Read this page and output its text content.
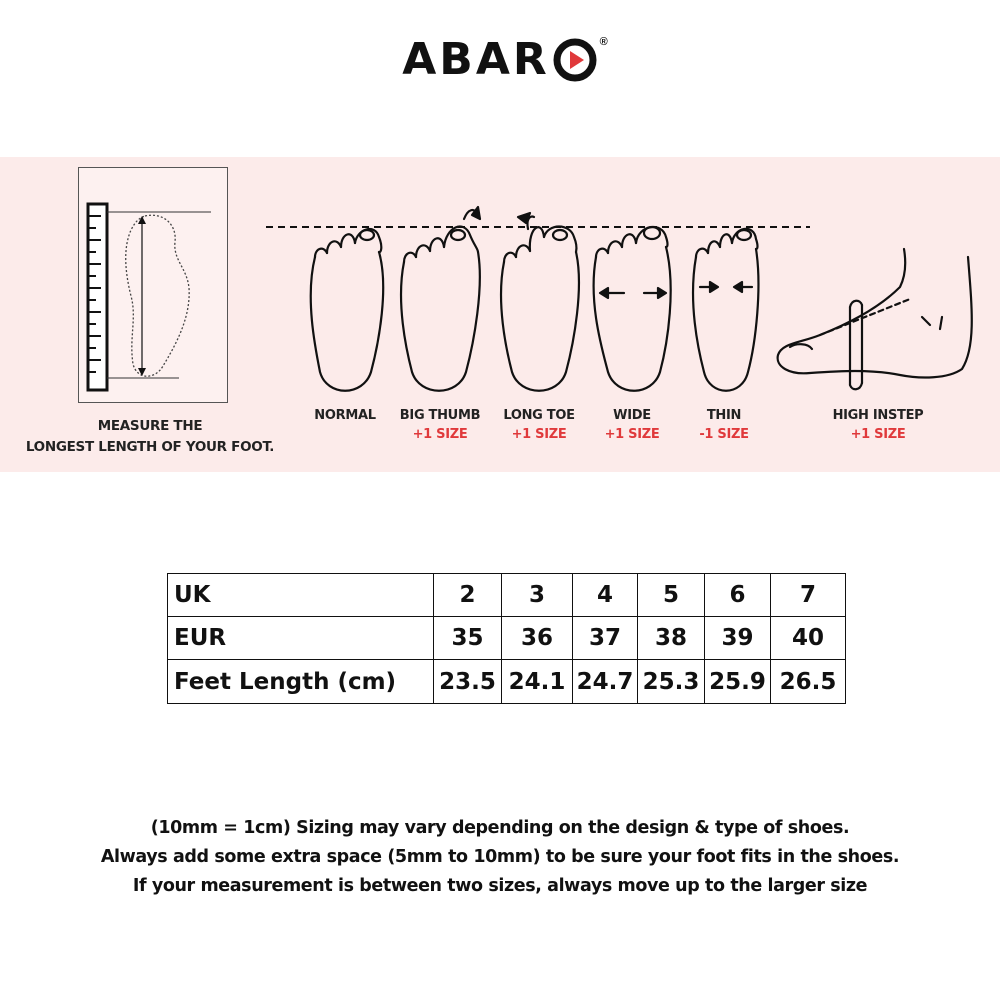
ABAR	®
MEASURE THE
LONGEST LENGTH OF YOUR FOOT.
NORMAL	BIG THUMB
+1 SIZE
LONG TOE
+1 SIZE
WIDE
+1 SIZE
THIN
-1 SIZE
HIGH INSTEP
+1 SIZE
UK	2	3	4	5	6	7
EUR	35	36	37	38	39	40
Feet Length (cm)	23.5	24.1	24.7	25.3	25.9	26.5

(10mm = 1cm) Sizing may vary depending on the design & type of shoes.

Always add some extra space (5mm to 10mm) to be sure your foot fits in the shoes.

If your measurement is between two sizes, always move up to the larger size
